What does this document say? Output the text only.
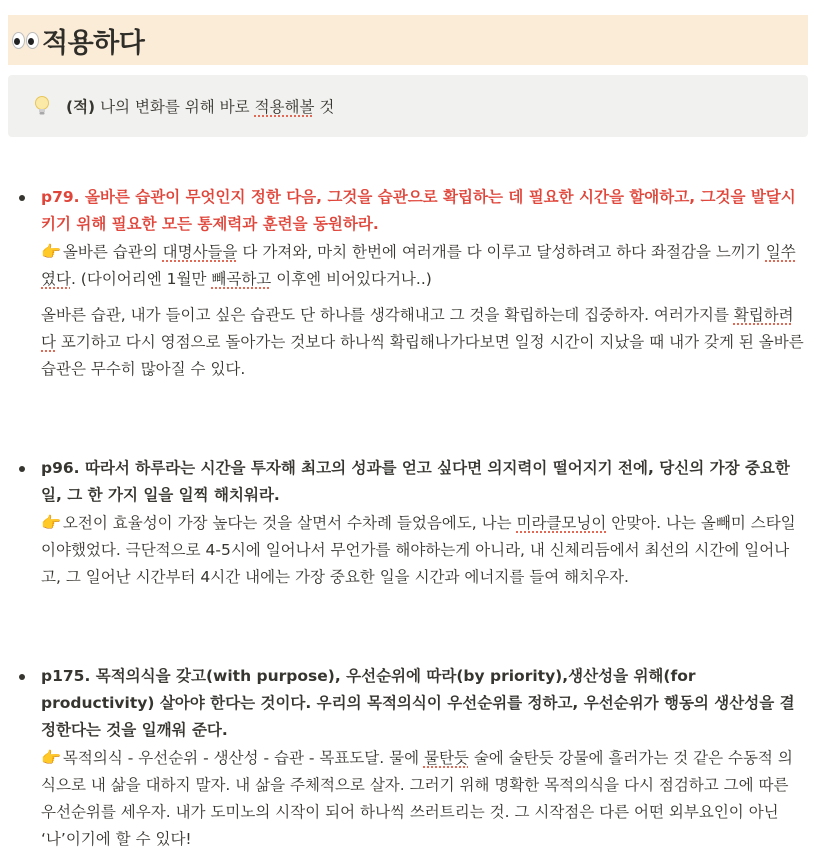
적용하다
(적) 나의 변화를 위해 바로 적용해볼 것

p79. 올바른 습관이 무엇인지 정한 다음, 그것을 습관으로 확립하는 데 필요한 시간을 할애하고, 그것을 발달시키기 위해 필요한 모든 통제력과 훈련을 동원하라.

👉 올바른 습관의 대명사들을 다 가져와, 마치 한번에 여러개를 다 이루고 달성하려고 하다 좌절감을 느끼기 일쑤였다. (다이어리엔 1월만 빼곡하고 이후엔 비어있다거나..)

올바른 습관, 내가 들이고 싶은 습관도 단 하나를 생각해내고 그 것을 확립하는데 집중하자. 여러가지를 확립하려다 포기하고 다시 영점으로 돌아가는 것보다 하나씩 확립해나가다보면 일정 시간이 지났을 때 내가 갖게 된 올바른 습관은 무수히 많아질 수 있다.

p96. 따라서 하루라는 시간을 투자해 최고의 성과를 얻고 싶다면 의지력이 떨어지기 전에, 당신의 가장 중요한 일, 그 한 가지 일을 일찍 해치워라.

👉 오전이 효율성이 가장 높다는 것을 살면서 수차례 들었음에도, 나는 미라클모닝이 안맞아. 나는 올빼미 스타일이야했었다. 극단적으로 4-5시에 일어나서 무언가를 해야하는게 아니라, 내 신체리듬에서 최선의 시간에 일어나고, 그 일어난 시간부터 4시간 내에는 가장 중요한 일을 시간과 에너지를 들여 해치우자.

p175. 목적의식을 갖고(with purpose), 우선순위에 따라(by priority),생산성을 위해(for productivity) 살아야 한다는 것이다. 우리의 목적의식이 우선순위를 정하고, 우선순위가 행동의 생산성을 결정한다는 것을 일깨워 준다.

👉 목적의식 - 우선순위 - 생산성 - 습관 - 목표도달. 물에 물탄듯 술에 술탄듯 강물에 흘러가는 것 같은 수동적 의식으로 내 삶을 대하지 말자. 내 삶을 주체적으로 살자. 그러기 위해 명확한 목적의식을 다시 점검하고 그에 따른 우선순위를 세우자. 내가 도미노의 시작이 되어 하나씩 쓰러트리는 것. 그 시작점은 다른 어떤 외부요인이 아닌 ‘나’이기에 할 수 있다!
